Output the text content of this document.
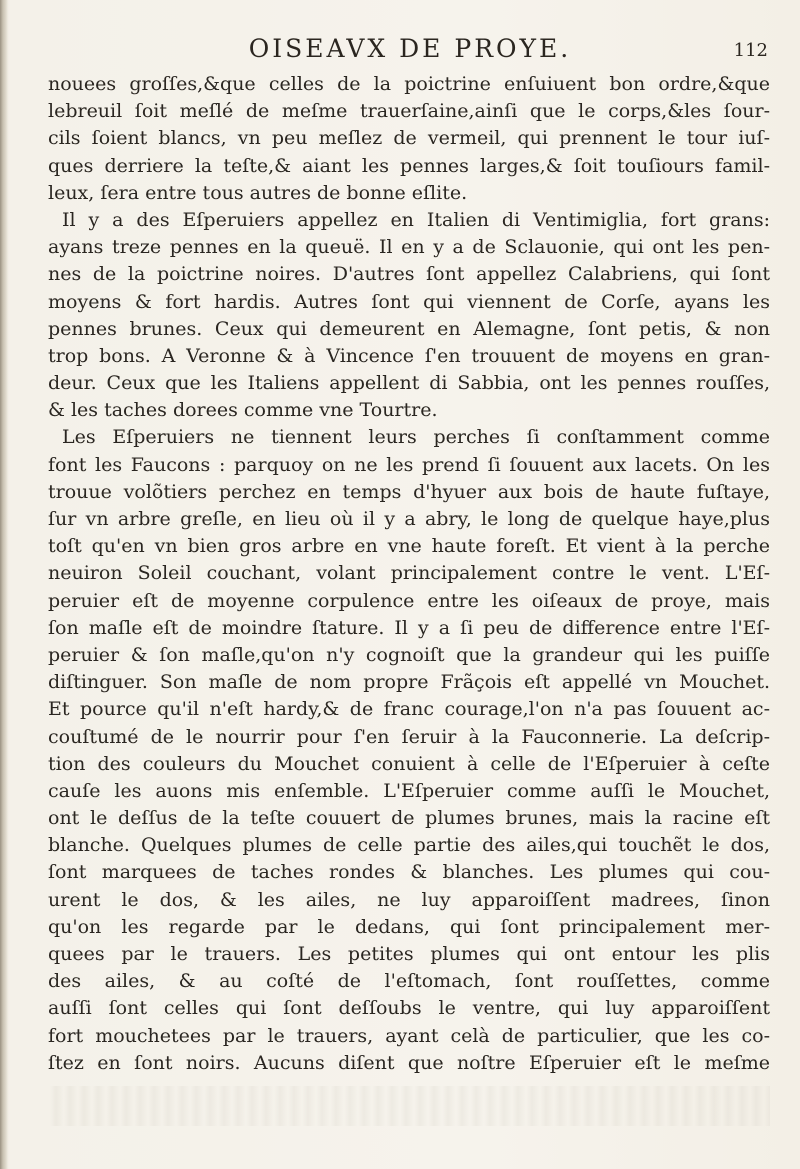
OISEAVX DE PROYE.	112
nouees groſſes,&que celles de la poictrine enſuiuent bon ordre,&que
lebreuil ſoit meſlé de meſme trauerſaine,ainſi que le corps,&les ſour-
cils ſoient blancs, vn peu meſlez de vermeil, qui prennent le tour iuſ-
ques derriere la teſte,& aiant les pennes larges,& ſoit touſiours famil-
leux, ſera entre tous autres de bonne eſlite.
Il y a des Eſperuiers appellez en Italien di Ventimiglia, fort grans:
ayans treze pennes en la queuë. Il en y a de Sclauonie, qui ont les pen-
nes de la poictrine noires. D'autres ſont appellez Calabriens, qui ſont
moyens & fort hardis. Autres ſont qui viennent de Corſe, ayans les
pennes brunes. Ceux qui demeurent en Alemagne, ſont petis, & non
trop bons. A Veronne & à Vincence ſ'en trouuent de moyens en gran-
deur. Ceux que les Italiens appellent di Sabbia, ont les pennes rouſſes,
& les taches dorees comme vne Tourtre.
Les Eſperuiers ne tiennent leurs perches ſi conſtamment comme
font les Faucons : parquoy on ne les prend ſi ſouuent aux lacets. On les
trouue volõtiers perchez en temps d'hyuer aux bois de haute fuſtaye,
ſur vn arbre greſle, en lieu où il y a abry, le long de quelque haye,plus
toſt qu'en vn bien gros arbre en vne haute foreſt. Et vient à la perche
neuiron Soleil couchant, volant principalement contre le vent. L'Eſ-
peruier eſt de moyenne corpulence entre les oiſeaux de proye, mais
ſon maſle eſt de moindre ſtature. Il y a ſi peu de difference entre l'Eſ-
peruier & ſon maſle,qu'on n'y cognoiſt que la grandeur qui les puiſſe
diſtinguer. Son maſle de nom propre Frãçois eſt appellé vn Mouchet.
Et pource qu'il n'eſt hardy,& de franc courage,l'on n'a pas ſouuent ac-
couſtumé de le nourrir pour ſ'en ſeruir à la Fauconnerie. La deſcrip-
tion des couleurs du Mouchet conuient à celle de l'Eſperuier à ceſte
cauſe les auons mis enſemble. L'Eſperuier comme auſſi le Mouchet,
ont le deſſus de la teſte couuert de plumes brunes, mais la racine eſt
blanche. Quelques plumes de celle partie des ailes,qui touchẽt le dos,
ſont marquees de taches rondes & blanches. Les plumes qui cou-
urent le dos, & les ailes, ne luy apparoiſſent madrees, ſinon
qu'on les regarde par le dedans, qui ſont principalement mer-
quees par le trauers. Les petites plumes qui ont entour les plis
des ailes, & au coſté de l'eſtomach, ſont rouſſettes, comme
auſſi ſont celles qui ſont deſſoubs le ventre, qui luy apparoiſſent
fort mouchetees par le trauers, ayant celà de particulier, que les co-
ſtez en ſont noirs. Aucuns diſent que noſtre Eſperuier eſt le meſme
